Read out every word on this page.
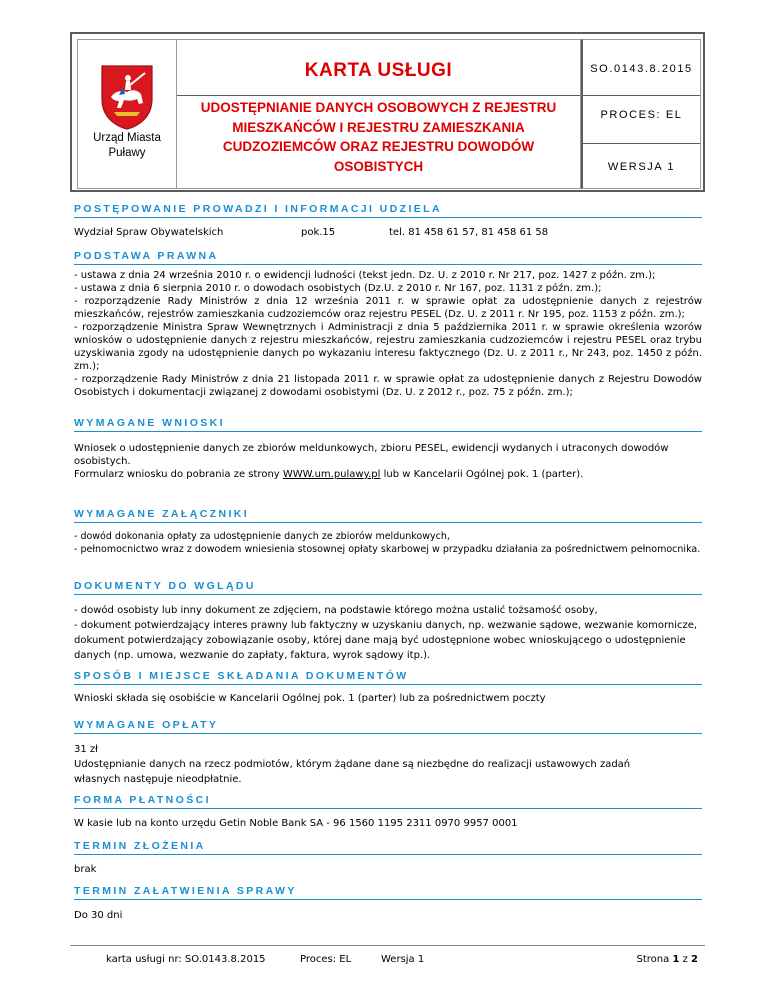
Urząd Miasta
Puławy
KARTA USŁUGI
UDOSTĘPNIANIE DANYCH OSOBOWYCH Z REJESTRU
MIESZKAŃCÓW I REJESTRU ZAMIESZKANIA
CUDZOZIEMCÓW ORAZ REJESTRU DOWODÓW
OSOBISTYCH
SO.0143.8.2015
PROCES: EL
WERSJA 1
POSTĘPOWANIE PROWADZI I INFORMACJI UDZIELA
Wydział Spraw Obywatelskich	pok.15	tel. 81 458 61 57, 81 458 61 58
PODSTAWA PRAWNA

- ustawa z dnia 24 września 2010 r. o ewidencji ludności (tekst jedn. Dz. U. z 2010 r. Nr 217, poz. 1427 z późn. zm.);

- ustawa z dnia 6 sierpnia 2010 r. o dowodach osobistych (Dz.U. z 2010 r. Nr 167, poz. 1131 z późn. zm.);

- rozporządzenie Rady Ministrów z dnia 12 września 2011 r. w sprawie opłat za udostępnienie danych z rejestrów mieszkańców, rejestrów zamieszkania cudzoziemców oraz rejestru PESEL (Dz. U. z 2011 r. Nr 195, poz. 1153 z późn. zm.);

- rozporządzenie Ministra Spraw Wewnętrznych i Administracji z dnia 5 października 2011 r. w sprawie określenia wzorów wniosków o udostępnienie danych z rejestru mieszkańców, rejestru zamieszkania cudzoziemców i rejestru PESEL oraz trybu uzyskiwania zgody na udostępnienie danych po wykazaniu interesu faktycznego (Dz. U. z 2011 r., Nr 243, poz. 1450 z późn. zm.);

- rozporządzenie Rady Ministrów z dnia 21 listopada 2011 r. w sprawie opłat za udostępnienie danych z Rejestru Dowodów Osobistych i dokumentacji związanej z dowodami osobistymi (Dz. U. z 2012 r., poz. 75 z późn. zm.);

WYMAGANE WNIOSKI

Wniosek o udostępnienie danych ze zbiorów meldunkowych, zbioru PESEL, ewidencji wydanych i utraconych dowodów osobistych.

Formularz wniosku do pobrania ze strony WWW.um.pulawy.pl lub w Kancelarii Ogólnej pok. 1 (parter).

WYMAGANE ZAŁĄCZNIKI

- dowód dokonania opłaty za udostępnienie danych ze zbiorów meldunkowych,

- pełnomocnictwo wraz z dowodem wniesienia stosownej opłaty skarbowej w przypadku działania za pośrednictwem pełnomocnika.

DOKUMENTY DO WGLĄDU

- dowód osobisty lub inny dokument ze zdjęciem, na podstawie którego można ustalić tożsamość osoby,

- dokument potwierdzający interes prawny lub faktyczny w uzyskaniu danych, np. wezwanie sądowe, wezwanie komornicze, dokument potwierdzający zobowiązanie osoby, której dane mają być udostępnione wobec wnioskującego o udostępnienie danych (np. umowa, wezwanie do zapłaty, faktura, wyrok sądowy itp.).

SPOSÓB I MIEJSCE SKŁADANIA DOKUMENTÓW
Wnioski składa się osobiście w Kancelarii Ogólnej pok. 1 (parter) lub za pośrednictwem poczty
WYMAGANE OPŁATY

31 zł

Udostępnianie danych na rzecz podmiotów, którym żądane dane są niezbędne do realizacji ustawowych zadań własnych następuje nieodpłatnie.

FORMA PŁATNOŚCI
W kasie lub na konto urzędu Getin Noble Bank SA - 96 1560 1195 2311 0970 9957 0001
TERMIN ZŁOŻENIA
brak
TERMIN ZAŁATWIENIA SPRAWY
Do 30 dni
karta usługi nr: SO.0143.8.2015	Proces: EL	Wersja 1	Strona 1 z 2
